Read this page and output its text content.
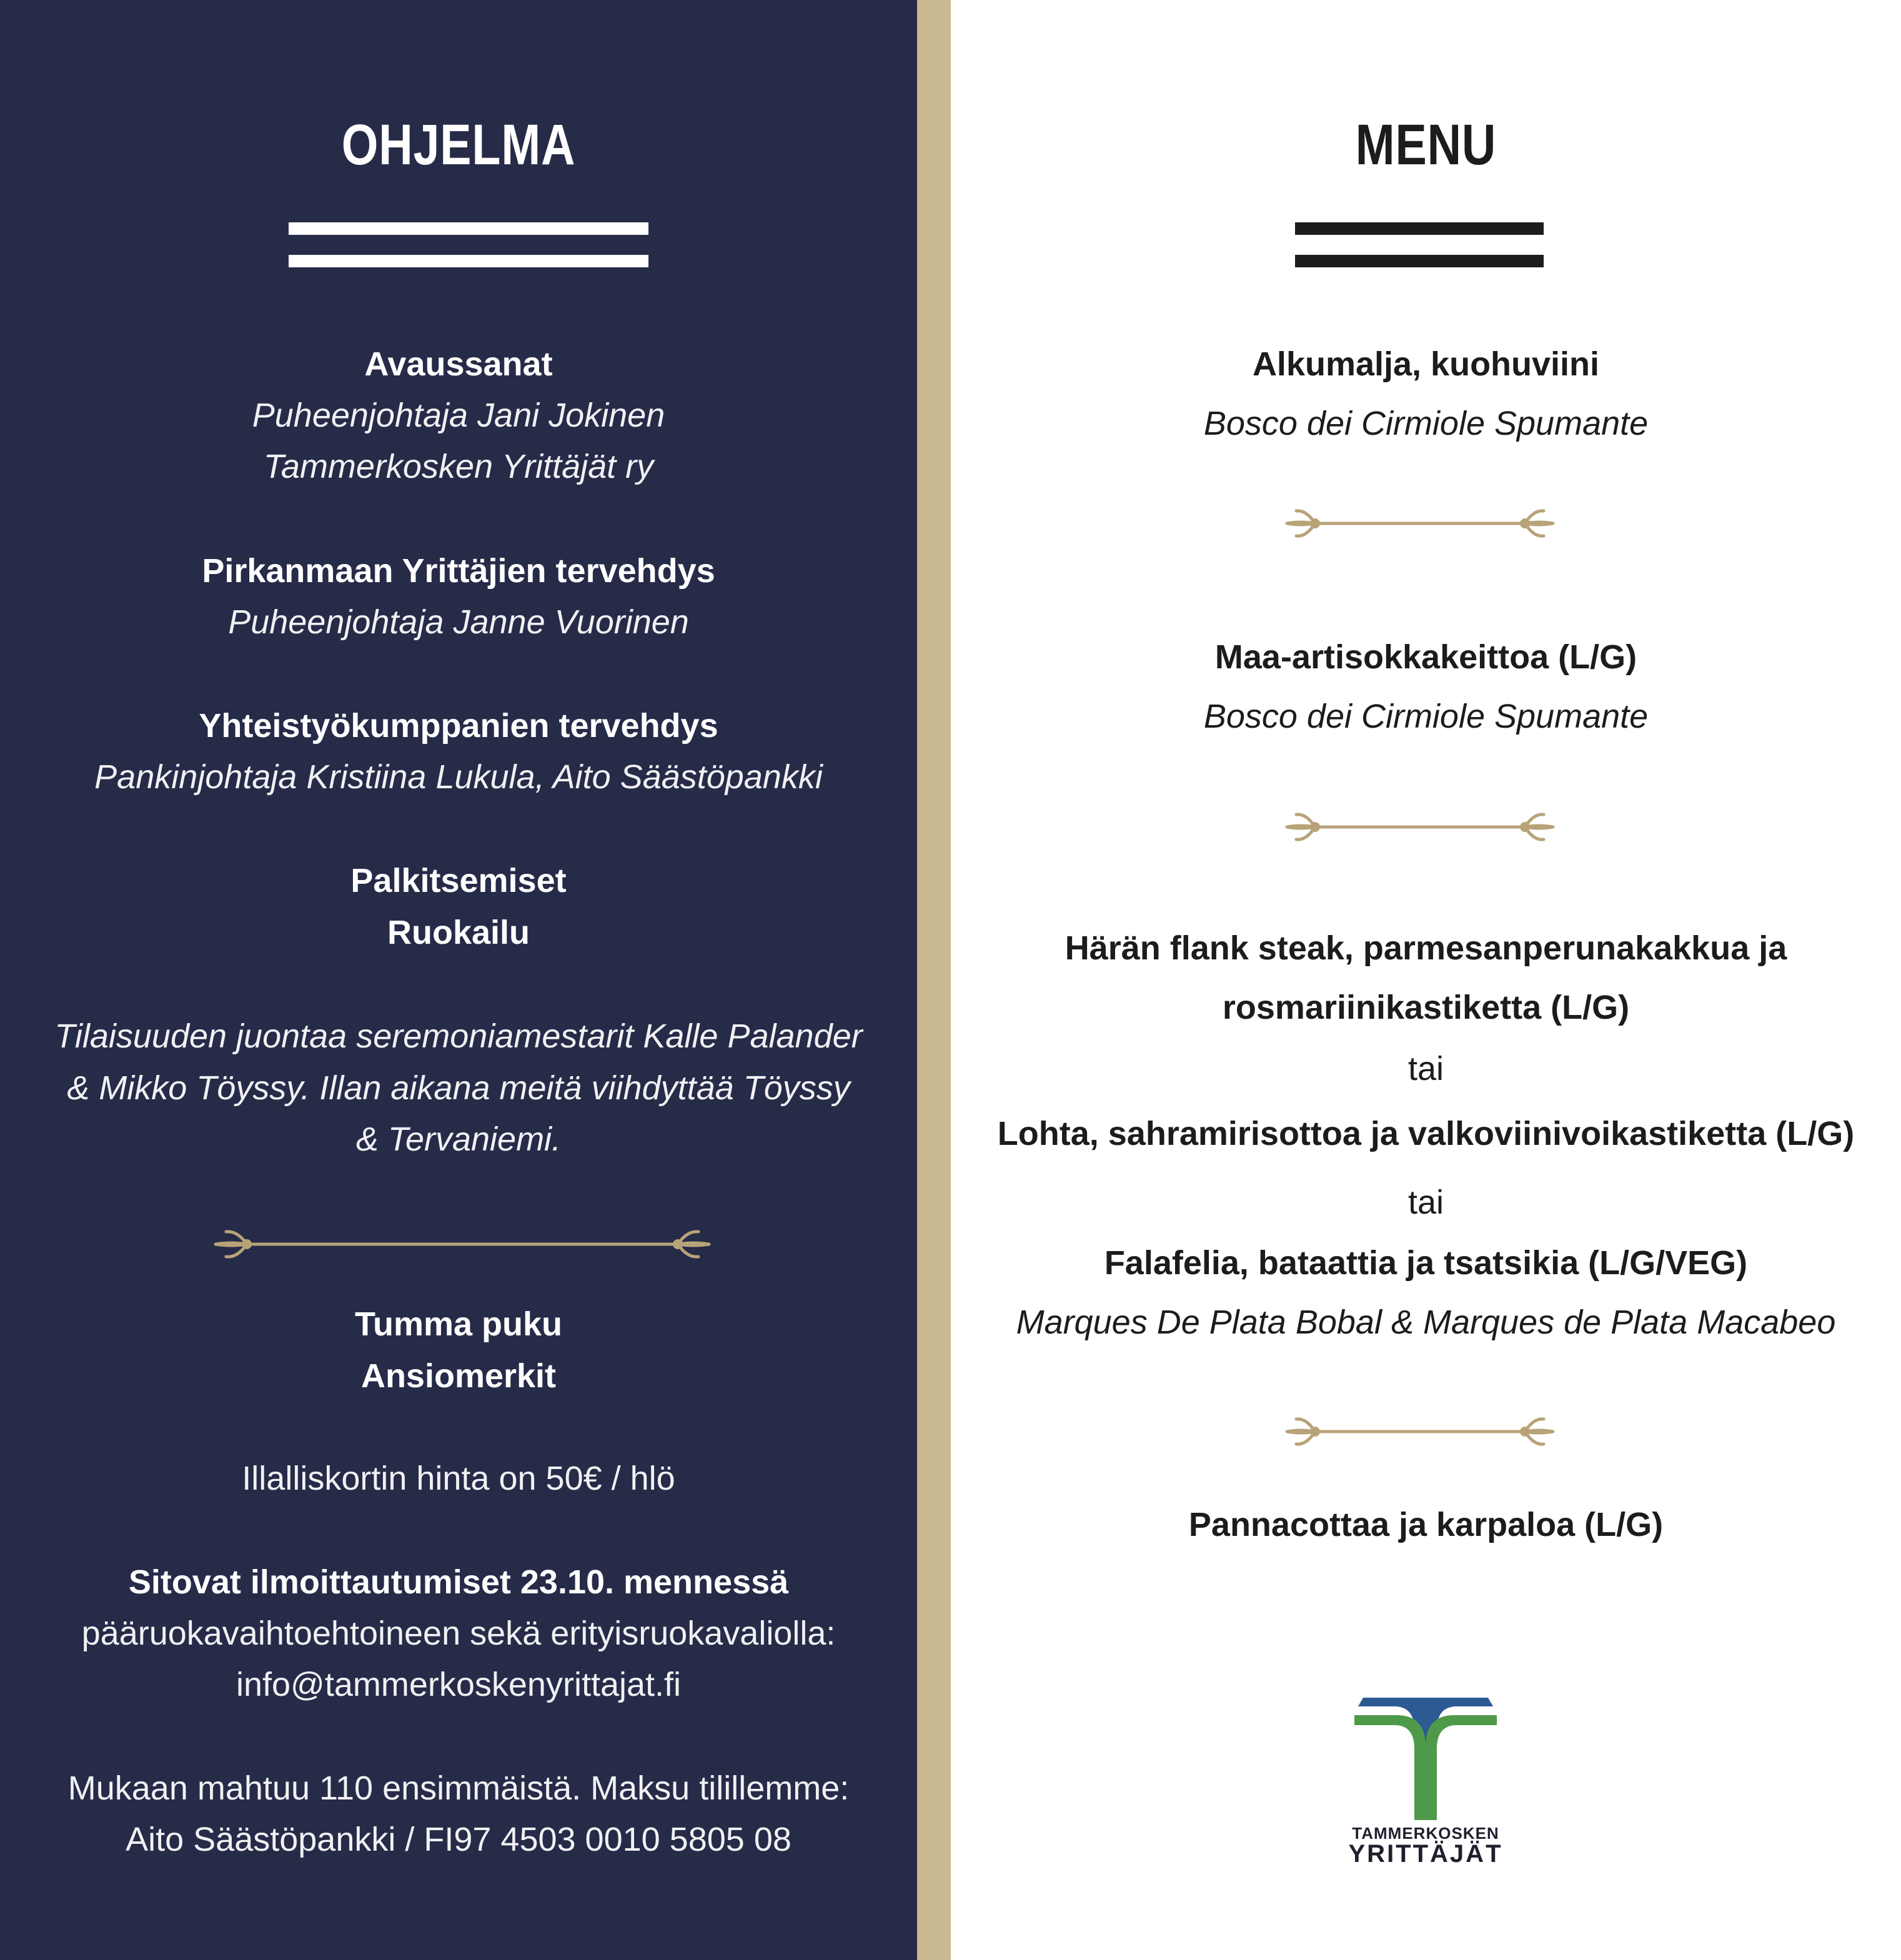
OHJELMA

Avaussanat

Puheenjohtaja Jani Jokinen

Tammerkosken Yrittäjät ry

Pirkanmaan Yrittäjien tervehdys

Puheenjohtaja Janne Vuorinen

Yhteistyökumppanien tervehdys

Pankinjohtaja Kristiina Lukula, Aito Säästöpankki

Palkitsemiset

Ruokailu

Tilaisuuden juontaa seremoniamestarit Kalle Palander

& Mikko Töyssy. Illan aikana meitä viihdyttää Töyssy

& Tervaniemi.

Tumma puku

Ansiomerkit

Illalliskortin hinta on 50€ / hlö

Sitovat ilmoittautumiset 23.10. mennessä

pääruokavaihtoehtoineen sekä erityisruokavaliolla:

info@tammerkoskenyrittajat.fi

Mukaan mahtuu 110 ensimmäistä. Maksu tilillemme:

Aito Säästöpankki / FI97 4503 0010 5805 08

MENU

Alkumalja, kuohuviini

Bosco dei Cirmiole Spumante

Maa-artisokkakeittoa (L/G)

Bosco dei Cirmiole Spumante

Härän flank steak, parmesanperunakakkua ja

rosmariinikastiketta (L/G)

tai

Lohta, sahramirisottoa ja valkoviinivoikastiketta (L/G)

tai

Falafelia, bataattia ja tsatsikia (L/G/VEG)

Marques De Plata Bobal & Marques de Plata Macabeo

Pannacottaa ja karpaloa (L/G)

TAMMERKOSKEN

YRITTÄJÄT
